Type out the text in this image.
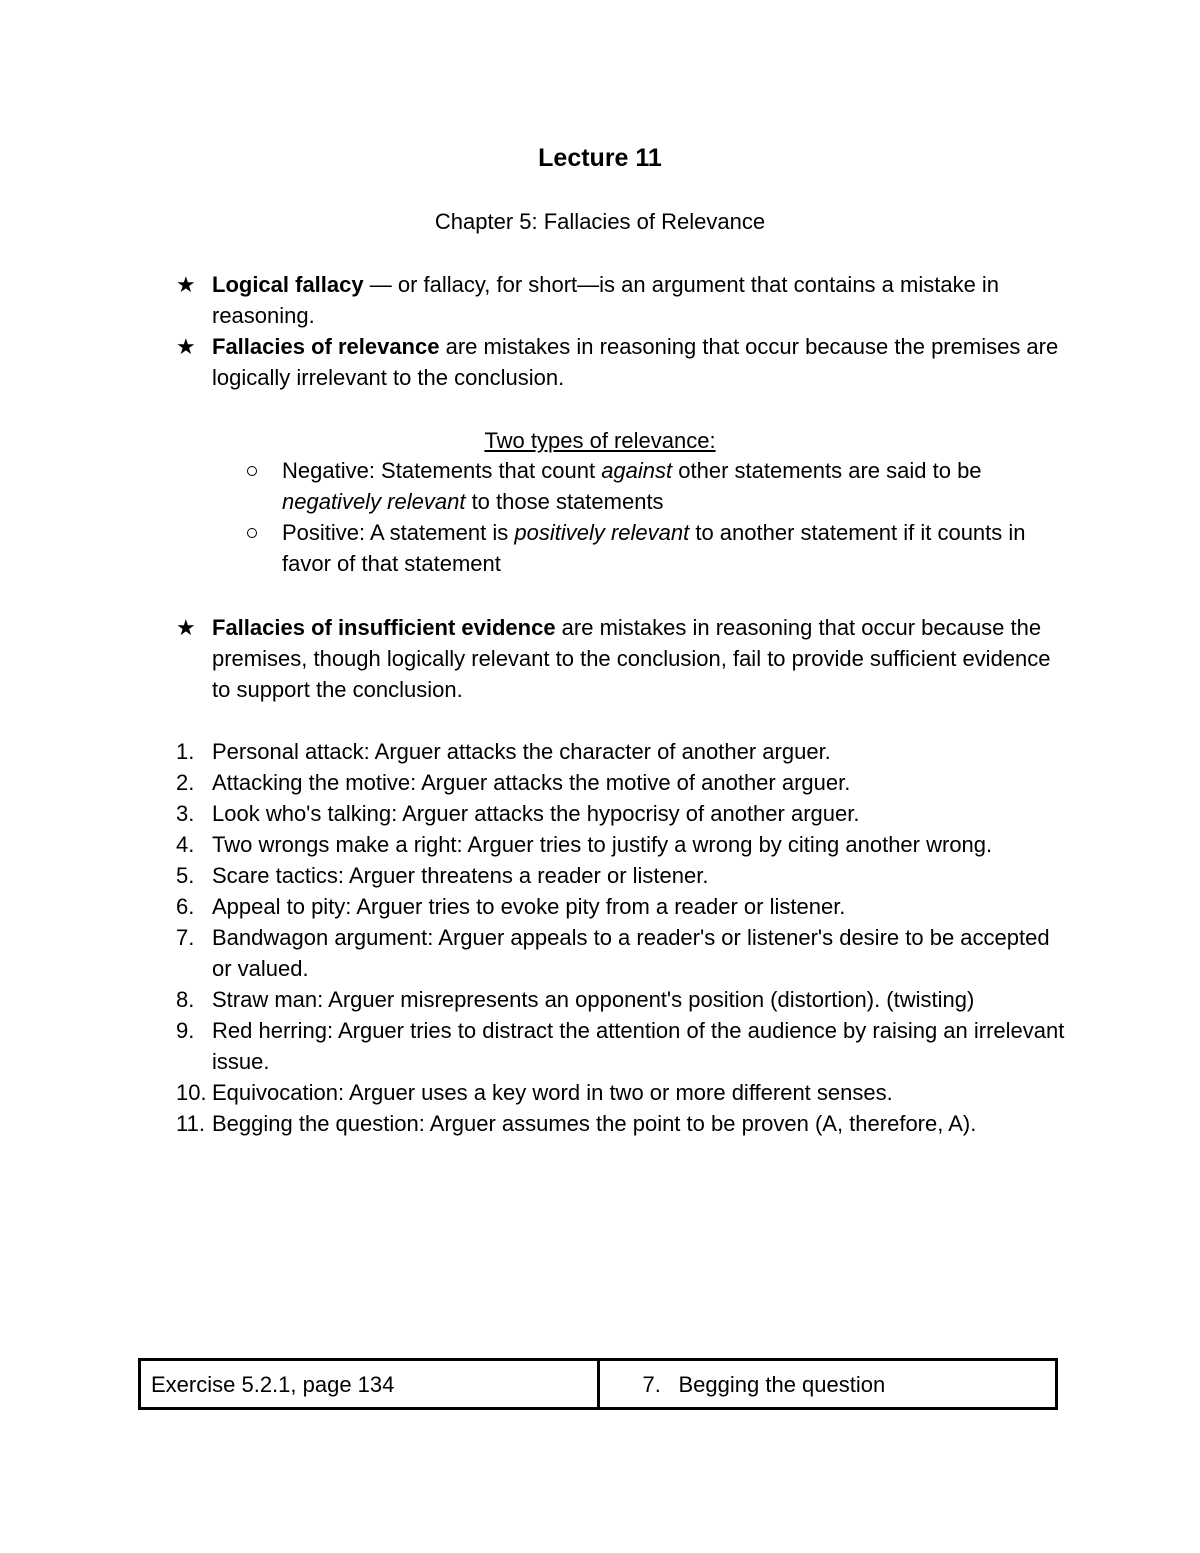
Lecture 11
Chapter 5: Fallacies of Relevance
★ Logical fallacy — or fallacy, for short—is an argument that contains a mistake in reasoning.
★ Fallacies of relevance are mistakes in reasoning that occur because the premises are logically irrelevant to the conclusion.
Two types of relevance:
Negative: Statements that count against other statements are said to be negatively relevant to those statements
Positive: A statement is positively relevant to another statement if it counts in favor of that statement
★ Fallacies of insufficient evidence are mistakes in reasoning that occur because the premises, though logically relevant to the conclusion, fail to provide sufficient evidence to support the conclusion.
1. Personal attack: Arguer attacks the character of another arguer.
2. Attacking the motive: Arguer attacks the motive of another arguer.
3. Look who's talking: Arguer attacks the hypocrisy of another arguer.
4. Two wrongs make a right: Arguer tries to justify a wrong by citing another wrong.
5. Scare tactics: Arguer threatens a reader or listener.
6. Appeal to pity: Arguer tries to evoke pity from a reader or listener.
7. Bandwagon argument: Arguer appeals to a reader's or listener's desire to be accepted or valued.
8. Straw man: Arguer misrepresents an opponent's position (distortion). (twisting)
9. Red herring: Arguer tries to distract the attention of the audience by raising an irrelevant issue.
10. Equivocation: Arguer uses a key word in two or more different senses.
11. Begging the question: Arguer assumes the point to be proven (A, therefore, A).
Exercise 5.2.1, page 134	7. Begging the question
